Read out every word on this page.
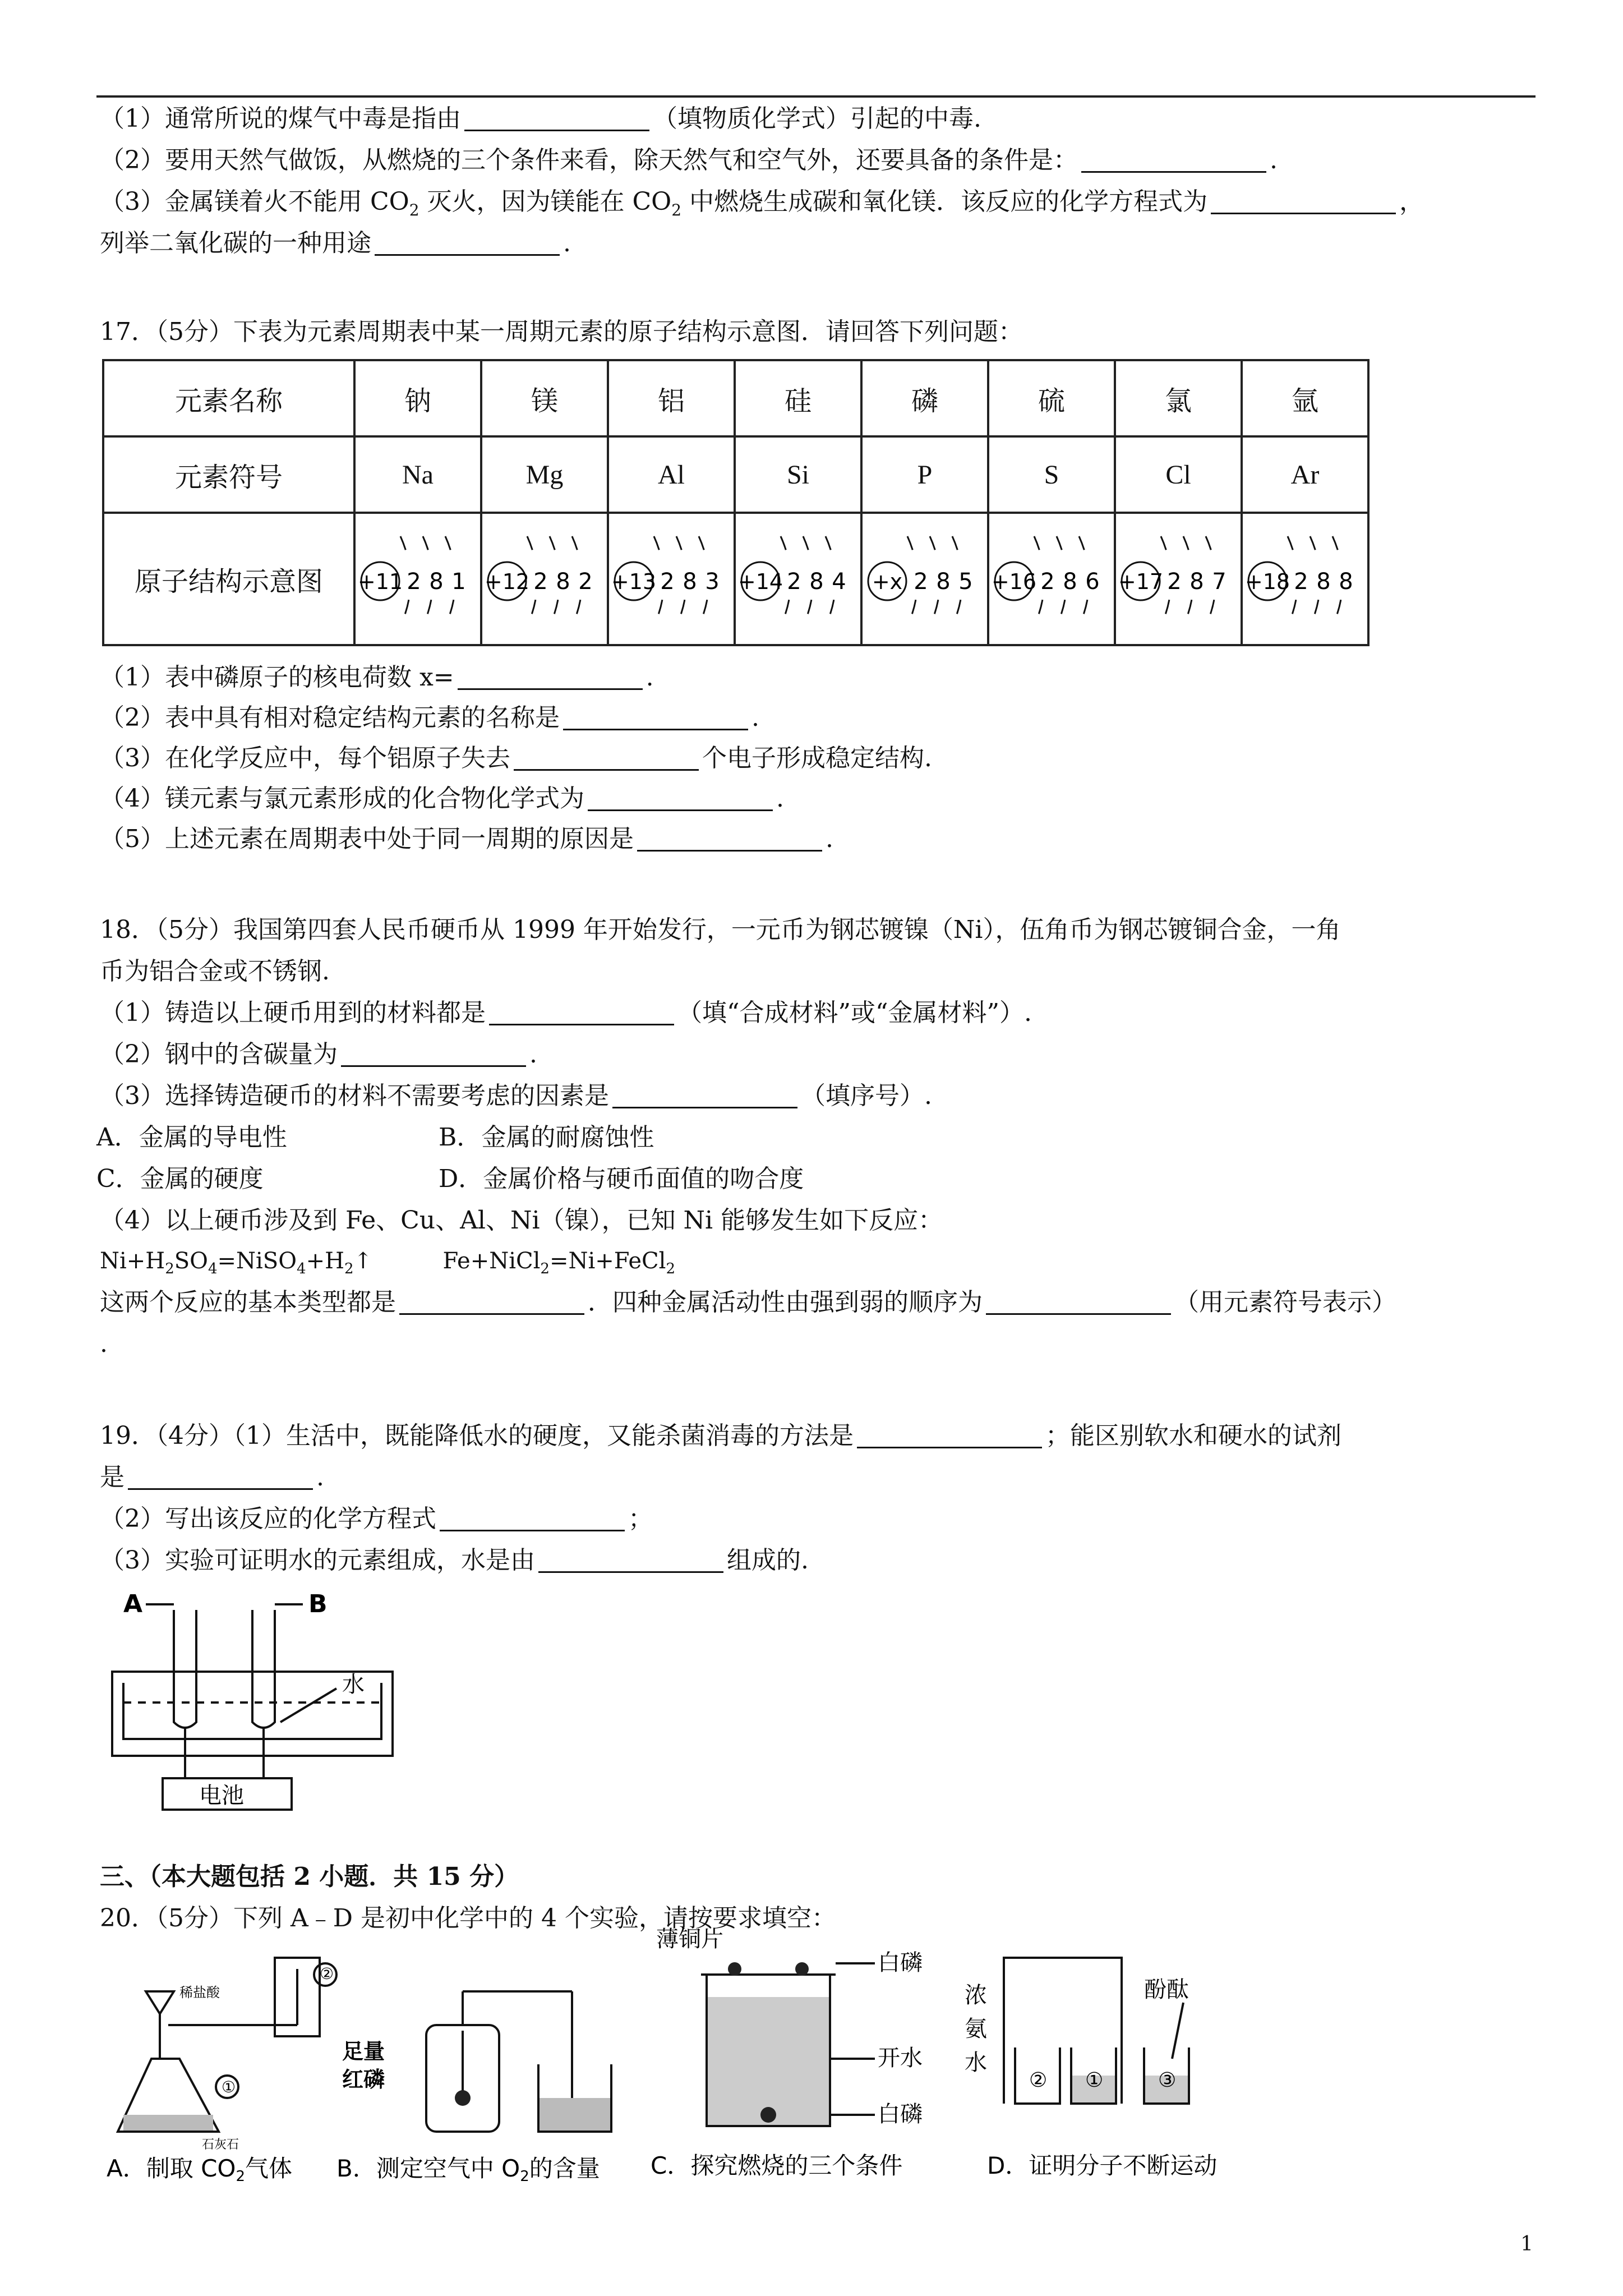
（1）通常所说的煤气中毒是指由	（填物质化学式）引起的中毒.
（2）要用天然气做饭，从燃烧的三个条件来看，除天然气和空气外，还要具备的条件是：	.
（3）金属镁着火不能用 $CO_2$ 灭火，因为镁能在 $CO_2$ 中燃烧生成碳和氧化镁．该反应的化学方程式为	，
列举二氧化碳的一种用途	.
17．（5分）下表为元素周期表中某一周期元素的原子结构示意图．请回答下列问题：
元素名称	钠	镁	铝	硅	磷	硫	氯	氩
元素符号	Na	Mg	Al	Si	P	S	Cl	Ar
原子结构示意图	+11 2 8 1	+12 2 8 2	+13 2 8 3	+14 2 8 4	+x 2 8 5	+16 2 8 6	+17 2 8 7	+18 2 8 8
（1）表中磷原子的核电荷数 x=	.
（2）表中具有相对稳定结构元素的名称是	.
（3）在化学反应中，每个铝原子失去	个电子形成稳定结构.
（4）镁元素与氯元素形成的化合物化学式为	.
（5）上述元素在周期表中处于同一周期的原因是	.
18．（5分）我国第四套人民币硬币从 1999 年开始发行，一元币为钢芯镀镍（Ni），伍角币为钢芯镀铜合金，一角
币为铝合金或不锈钢.
（1）铸造以上硬币用到的材料都是	（填“合成材料”或“金属材料”）.
（2）钢中的含碳量为	.
（3）选择铸造硬币的材料不需要考虑的因素是	（填序号）.
A．金属的导电性	B．金属的耐腐蚀性
C．金属的硬度	D．金属价格与硬币面值的吻合度
（4）以上硬币涉及到 Fe、Cu、Al、Ni（镍），已知 Ni 能够发生如下反应：
$Ni+H_2SO_4=NiSO_4+H_2↑$	Fe+NiCl$_2$=Ni+FeCl$_2$
这两个反应的基本类型都是	．四种金属活动性由强到弱的顺序为	（用元素符号表示）
.
19．（4分）（1）生活中，既能降低水的硬度，又能杀菌消毒的方法是	；能区别软水和硬水的试剂
是	.
（2）写出该反应的化学方程式	；
（3）实验可证明水的元素组成，水是由	组成的.
A	B
水
电池
三、（本大题包括 2 小题．共 15 分）
20．（5分）下列 A﹣D 是初中化学中的 4 个实验，请按要求填空：
稀盐酸
②
①
石灰石
A．制取 CO2气体
足量
红磷
B．测定空气中 O2的含量
薄铜片
白磷
开水
白磷
C．探究燃烧的三个条件
浓
氨
水
② ①	③
酚酞
D．证明分子不断运动
1
